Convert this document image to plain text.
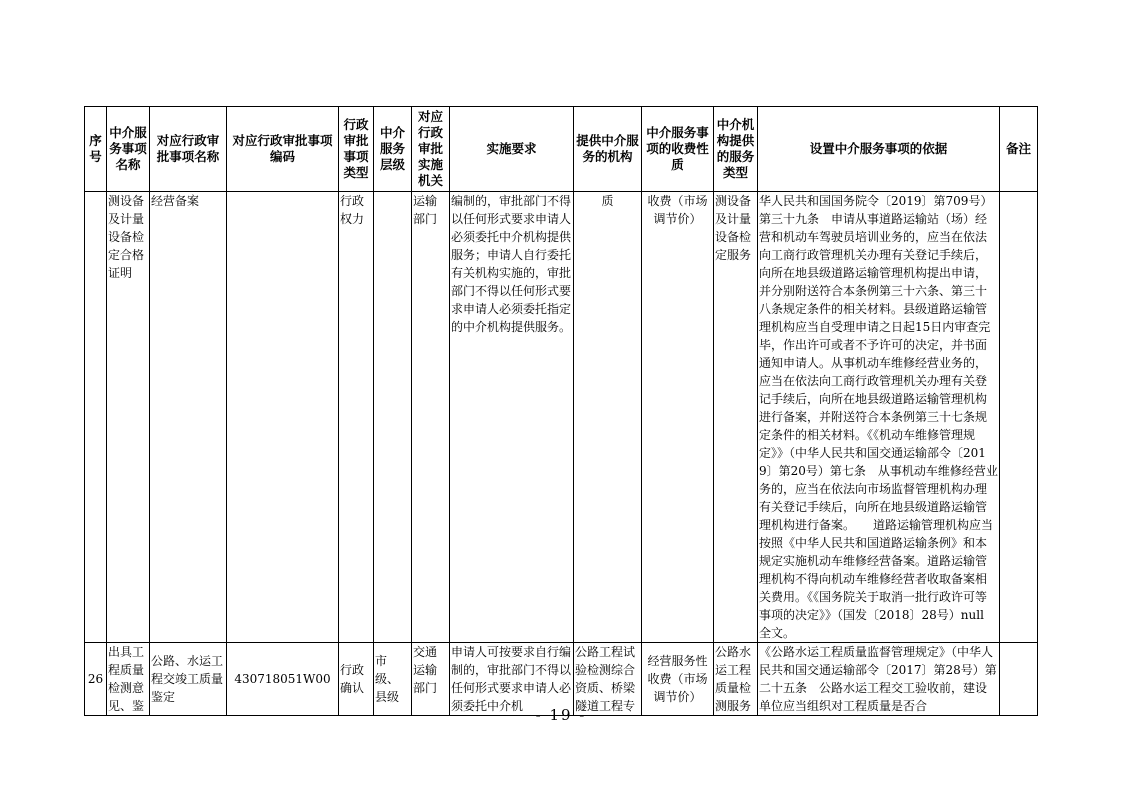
序号	中介服务事项名称	对应行政审批事项名称	对应行政审批事项编码	行政审批事项类型	中介服务层级	对应行政审批实施机关	实施要求	提供中介服务的机构	中介服务事项的收费性质	中介机构提供的服务类型	设置中介服务事项的依据	备注
	测设备及计量设备检定合格证明	经营备案		行政权力		运输部门	编制的，审批部门不得以任何形式要求申请人必须委托中介机构提供服务；申请人自行委托有关机构实施的，审批部门不得以任何形式要求申请人必须委托指定的中介机构提供服务。	质	收费（市场调节价）	测设备及计量设备检定服务	华人民共和国国务院令〔2019〕第709号）第三十九条　申请从事道路运输站（场）经营和机动车驾驶员培训业务的，应当在依法向工商行政管理机关办理有关登记手续后，向所在地县级道路运输管理机构提出申请，并分别附送符合本条例第三十六条、第三十八条规定条件的相关材料。县级道路运输管理机构应当自受理申请之日起15日内审查完毕，作出许可或者不予许可的决定，并书面通知申请人。从事机动车维修经营业务的，应当在依法向工商行政管理机关办理有关登记手续后，向所在地县级道路运输管理机构进行备案，并附送符合本条例第三十七条规定条件的相关材料。《《机动车维修管理规定》》（中华人民共和国交通运输部令〔2019〕第20号）第七条　从事机动车维修经营业务的，应当在依法向市场监督管理机构办理有关登记手续后，向所在地县级道路运输管理机构进行备案。　　道路运输管理机构应当按照《中华人民共和国道路运输条例》和本规定实施机动车维修经营备案。道路运输管理机构不得向机动车维修经营者收取备案相关费用。《《国务院关于取消一批行政许可等事项的决定》》（国发〔2018〕28号）null　全文。	
26	出具工程质量检测意见、鉴	公路、水运工程交竣工质量鉴定	430718051W00	行政确认	市级、县级	交通运输部门	申请人可按要求自行编制的，审批部门不得以任何形式要求申请人必须委托中介机	公路工程试验检测综合资质、桥梁隧道工程专	经营服务性收费（市场调节价）	公路水运工程质量检测服务	《公路水运工程质量监督管理规定》（中华人民共和国交通运输部令〔2017〕第28号）第二十五条　公路水运工程交工验收前，建设单位应当组织对工程质量是否合	
- 19 -
